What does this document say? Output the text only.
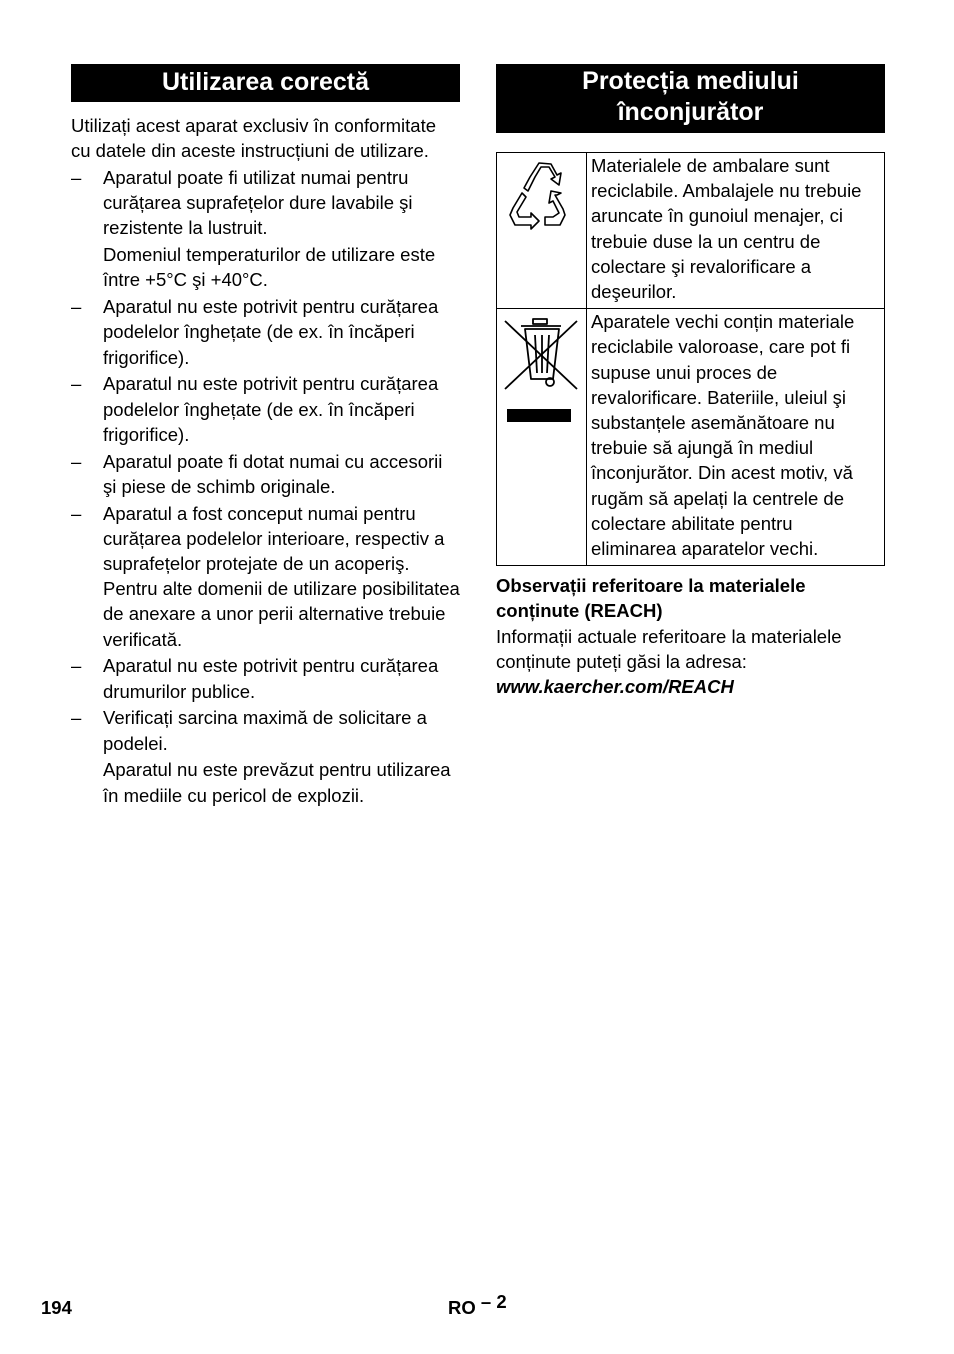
Utilizarea corectă

Utilizați acest aparat exclusiv în conformitate cu datele din aceste instrucțiuni de utilizare.

–	Aparatul poate fi utilizat numai pentru curățarea suprafețelor dure lavabile şi rezistente la lustruit.
Domeniul temperaturilor de utilizare este între +5°C şi +40°C.
–	Aparatul nu este potrivit pentru curățarea podelelor înghețate (de ex. în încăperi frigorifice).
–	Aparatul nu este potrivit pentru curățarea podelelor înghețate (de ex. în încăperi frigorifice).
–	Aparatul poate fi dotat numai cu accesorii şi piese de schimb originale.
–	Aparatul a fost conceput numai pentru curățarea podelelor interioare, respectiv a suprafețelor protejate de un acoperiş. Pentru alte domenii de utilizare posibilitatea de anexare a unor perii alternative trebuie verificată.
–	Aparatul nu este potrivit pentru curățarea drumurilor publice.
–	Verificați sarcina maximă de solicitare a podelei.
Aparatul nu este prevăzut pentru utilizarea în mediile cu pericol de explozii.
Protecția mediului
înconjurător
	Materialele de ambalare sunt reciclabile. Ambalajele nu trebuie aruncate în gunoiul menajer, ci trebuie duse la un centru de colectare şi revalorificare a deşeurilor.

	Aparatele vechi conțin materiale reciclabile valoroase, care pot fi supuse unui proces de revalorificare. Bateriile, uleiul şi substanțele asemănătoare nu trebuie să ajungă în mediul înconjurător. Din acest motiv, vă rugăm să apelați la centrele de colectare abilitate pentru eliminarea aparatelor vechi.
Observații referitoare la materialele conținute (REACH)
Informații actuale referitoare la materialele conținute puteți găsi la adresa:
www.kaercher.com/REACH
194	RO – 2
